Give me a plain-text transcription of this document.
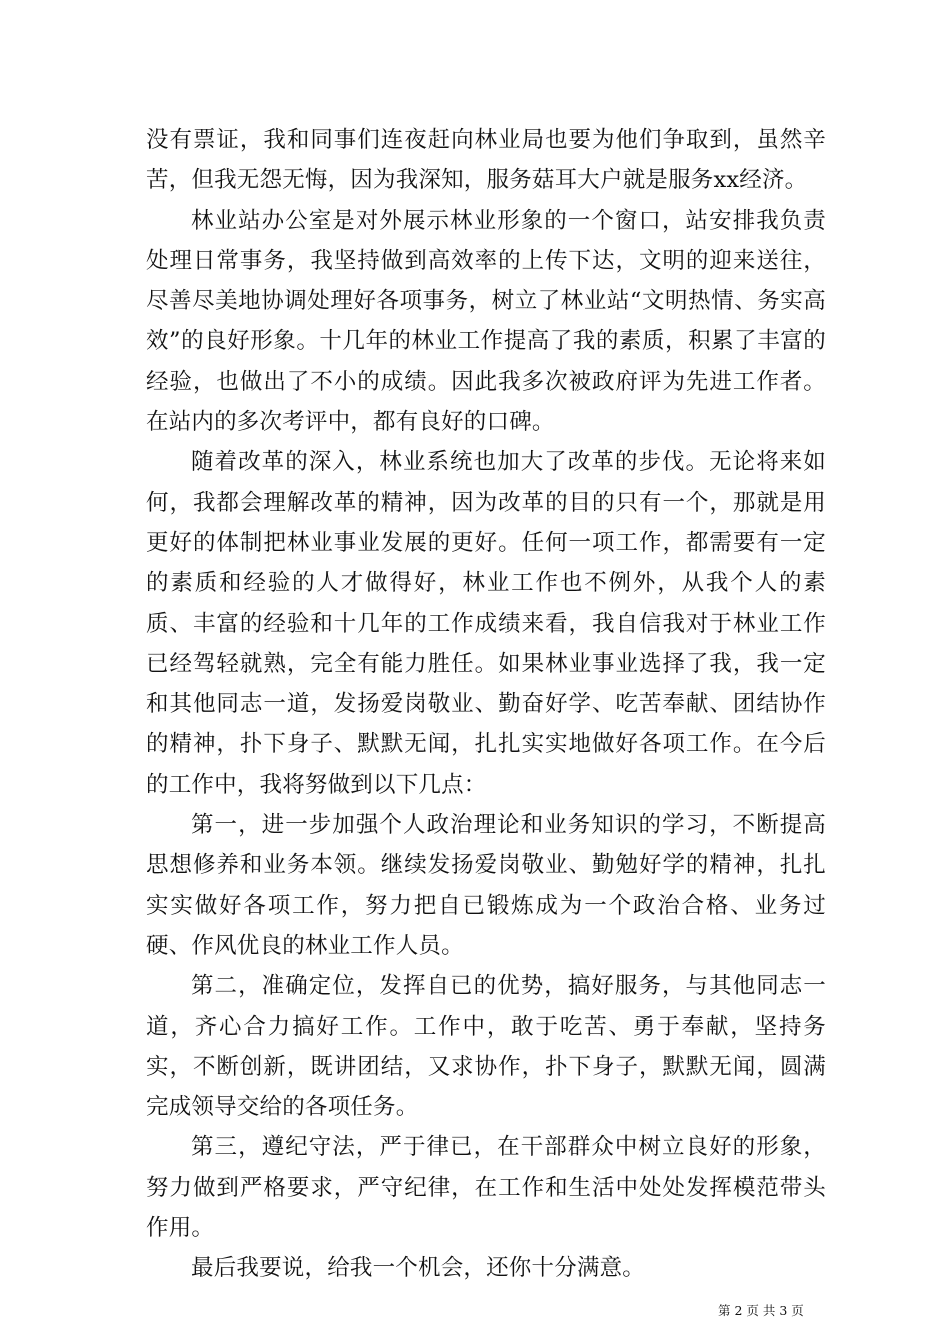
没有票证，我和同事们连夜赶向林业局也要为他们争取到，虽然辛苦，但我无怨无悔，因为我深知，服务菇耳大户就是服务xx经济。

林业站办公室是对外展示林业形象的一个窗口，站安排我负责处理日常事务，我坚持做到高效率的上传下达，文明的迎来送往，尽善尽美地协调处理好各项事务，树立了林业站“文明热情、务实高效”的良好形象。十几年的林业工作提高了我的素质，积累了丰富的经验，也做出了不小的成绩。因此我多次被政府评为先进工作者。在站内的多次考评中，都有良好的口碑。

随着改革的深入，林业系统也加大了改革的步伐。无论将来如何，我都会理解改革的精神，因为改革的目的只有一个，那就是用更好的体制把林业事业发展的更好。任何一项工作，都需要有一定的素质和经验的人才做得好，林业工作也不例外，从我个人的素质、丰富的经验和十几年的工作成绩来看，我自信我对于林业工作已经驾轻就熟，完全有能力胜任。如果林业事业选择了我，我一定和其他同志一道，发扬爱岗敬业、勤奋好学、吃苦奉献、团结协作的精神，扑下身子、默默无闻，扎扎实实地做好各项工作。在今后的工作中，我将努做到以下几点：

第一，进一步加强个人政治理论和业务知识的学习，不断提高思想修养和业务本领。继续发扬爱岗敬业、勤勉好学的精神，扎扎实实做好各项工作，努力把自已锻炼成为一个政治合格、业务过硬、作风优良的林业工作人员。

第二，准确定位，发挥自已的优势，搞好服务，与其他同志一道，齐心合力搞好工作。工作中，敢于吃苦、勇于奉献，坚持务实，不断创新，既讲团结，又求协作，扑下身子，默默无闻，圆满完成领导交给的各项任务。

第三，遵纪守法，严于律已，在干部群众中树立良好的形象，努力做到严格要求，严守纪律，在工作和生活中处处发挥模范带头作用。

最后我要说，给我一个机会，还你十分满意。

第 2 页 共 3 页
